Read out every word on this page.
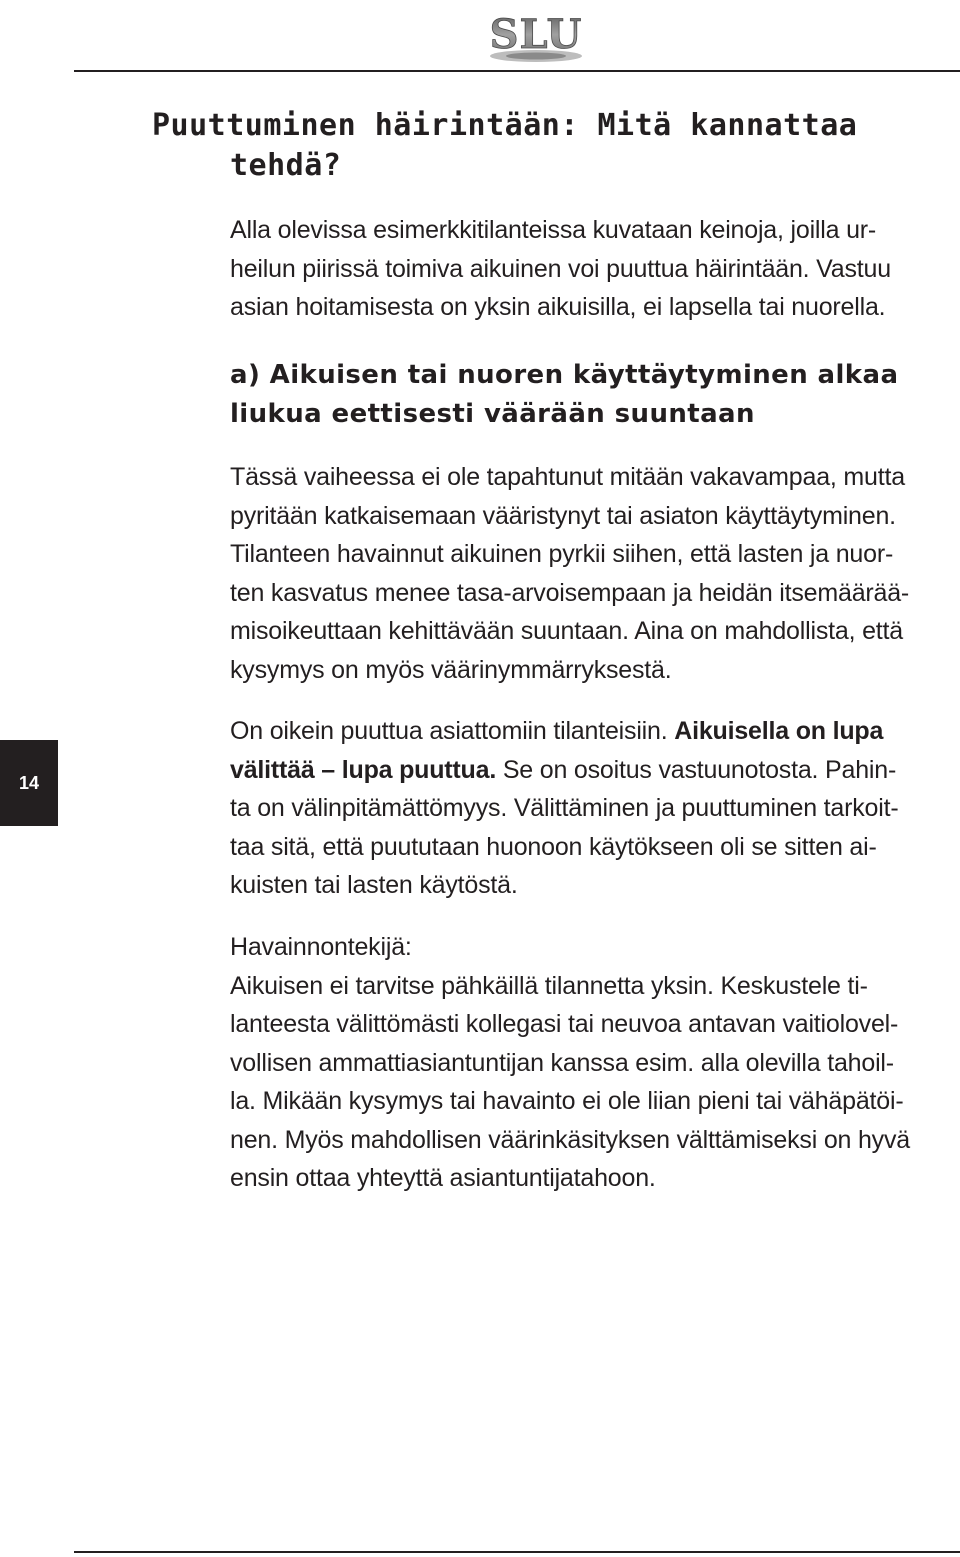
SLU
Puuttuminen häirintään: Mitä kannattaa
tehdä?

Alla olevissa esimerkkitilanteissa kuvataan keinoja, joilla ur-
heilun piirissä toimiva aikuinen voi puuttua häirintään. Vastuu
asian hoitamisesta on yksin aikuisilla, ei lapsella tai nuorella.

a) Aikuisen tai nuoren käyttäytyminen alkaa
liukua eettisesti väärään suuntaan

Tässä vaiheessa ei ole tapahtunut mitään vakavampaa, mutta
pyritään katkaisemaan vääristynyt tai asiaton käyttäytyminen.
Tilanteen havainnut aikuinen pyrkii siihen, että lasten ja nuor-
ten kasvatus menee tasa-arvoisempaan ja heidän itsemäärää-
misoikeuttaan kehittävään suuntaan. Aina on mahdollista, että
kysymys on myös väärinymmärryksestä.

14

On oikein puuttua asiattomiin tilanteisiin. Aikuisella on lupa
välittää – lupa puuttua. Se on osoitus vastuunotosta. Pahin-
ta on välinpitämättömyys. Välittäminen ja puuttuminen tarkoit-
taa sitä, että puututaan huonoon käytökseen oli se sitten ai-
kuisten tai lasten käytöstä.

Havainnontekijä:
Aikuisen ei tarvitse pähkäillä tilannetta yksin. Keskustele ti-
lanteesta välittömästi kollegasi tai neuvoa antavan vaitiolovel-
vollisen ammattiasiantuntijan kanssa esim. alla olevilla tahoil-
la. Mikään kysymys tai havainto ei ole liian pieni tai vähäpätöi-
nen. Myös mahdollisen väärinkäsityksen välttämiseksi on hyvä
ensin ottaa yhteyttä asiantuntijatahoon.
